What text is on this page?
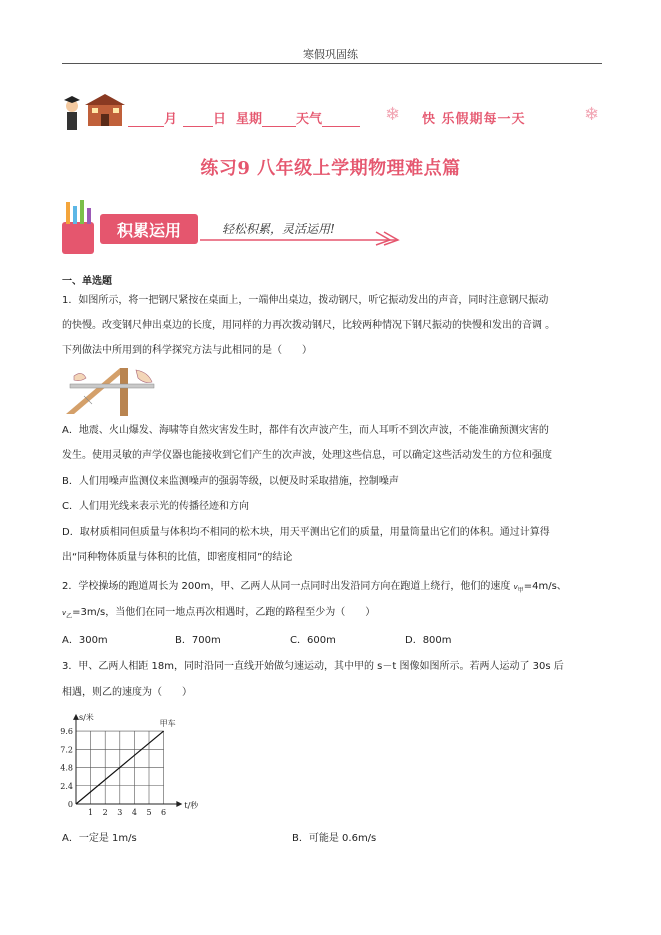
寒假巩固练
月	日 星期	天气	❄ 快 乐假期每一天	❄
练习9 八年级上学期物理难点篇
积累运用	轻松积累，灵活运用!
一、单选题
1．如图所示，将一把钢尺紧按在桌面上，一端伸出桌边，拨动钢尺，听它振动发出的声音，同时注意钢尺振动
的快慢。改变钢尺伸出桌边的长度，用同样的力再次拨动钢尺，比较两种情况下钢尺振动的快慢和发出的音调 。
下列做法中所用到的科学探究方法与此相同的是（　　）
A．地震、火山爆发、海啸等自然灾害发生时，都伴有次声波产生，而人耳听不到次声波，不能准确预测灾害的
发生。使用灵敏的声学仪器也能接收到它们产生的次声波，处理这些信息，可以确定这些活动发生的方位和强度
B．人们用噪声监测仪来监测噪声的强弱等级，以便及时采取措施，控制噪声
C．人们用光线来表示光的传播径迹和方向
D．取材质相同但质量与体积均不相同的松木块，用天平测出它们的质量，用量筒量出它们的体积。通过计算得
出“同种物体质量与体积的比值，即密度相同”的结论
2．学校操场的跑道周长为 200m，甲、乙两人从同一点同时出发沿同方向在跑道上绕行，他们的速度 $v_甲=4m/s$、
$v_乙=3m/s$，当他们在同一地点再次相遇时，乙跑的路程至少为（　　）
A．300m	B．700m	C．600m	D．800m
3．甲、乙两人相距 18m，同时沿同一直线开始做匀速运动，其中甲的 s－t 图像如图所示。若两人运动了 30s 后
相遇，则乙的速度为（　　）
1 2 3 4 5 6
0
2.4
4.8
7.2
9.6
s/米
t/秒
甲车
A．一定是 1m/s	B．可能是 0.6m/s
